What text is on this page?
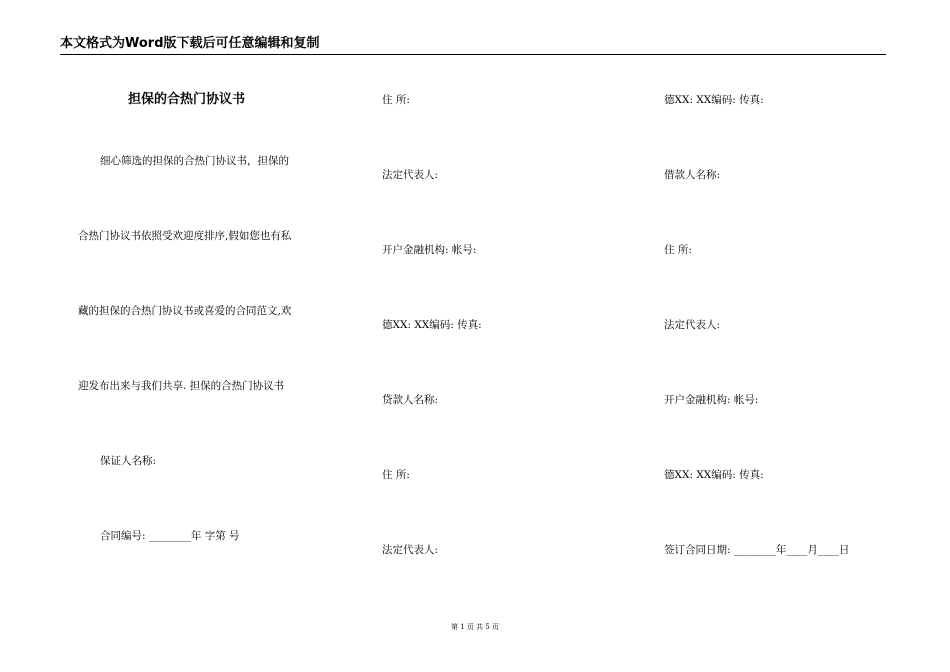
本文格式为Word版下载后可任意编辑和复制
担保的合热门协议书
细心筛选的担保的合热门协议书，担保的
合热门协议书依照受欢迎度排序,假如您也有私
藏的担保的合热门协议书或喜爱的合同范文,欢
迎发布出来与我们共享. 担保的合热门协议书
保证人名称:
合同编号: ________年 字第 号
住 所:
法定代表人:
开户金融机构: 帐号:
德XX: XX编码: 传真:
贷款人名称:
住 所:
法定代表人:
德XX: XX编码: 传真:
借款人名称:
住 所:
法定代表人:
开户金融机构: 帐号:
德XX: XX编码: 传真:
签订合同日期: ________年____月____日
第 1 页 共 5 页
